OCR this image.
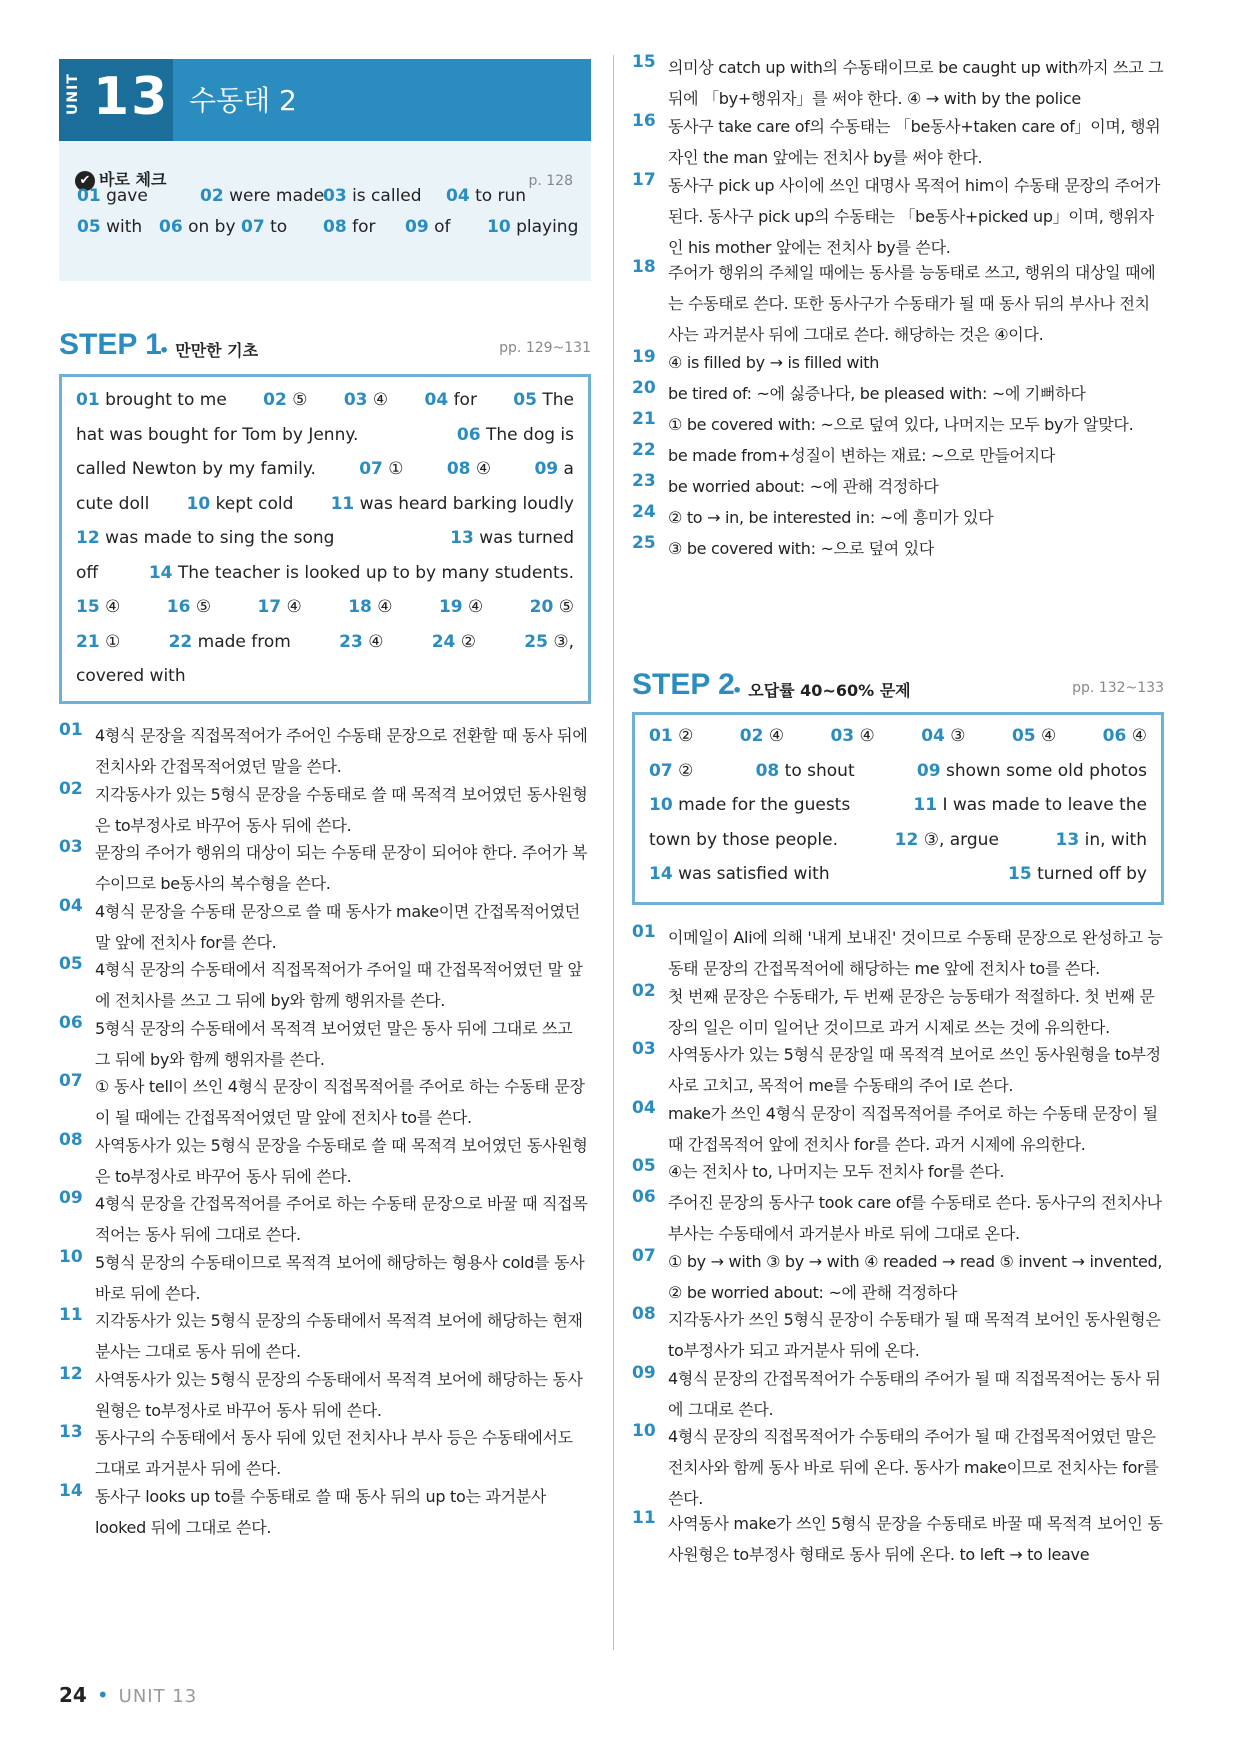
UNIT 13 수동태 2
✔ 바로 체크	p. 128
01 gave	02 were made
03 is called 04 to run
05 with 06 on by 07 to 08 for 09 of 10 playing
STEP 1
• 만만한 기초	pp. 129~131
01 brought to me 02 ⑤ 03 ④ 04 for 05 The
hat was bought for Tom by Jenny.	06 The dog is
called Newton by my family.	07 ①	08 ④	09 a
cute doll 10 kept cold 11 was heard barking loudly
12 was made to sing the song	13 was turned
off	14 The teacher is looked up to by many students.
15 ④	16 ⑤	17 ④	18 ④	19 ④	20 ⑤
21 ①	22 made from	23 ④	24 ②	25 ③,
covered with
01 4형식 문장을 직접목적어가 주어인 수동태 문장으로 전환할 때 동사 뒤에 전치사와 간접목적어였던 말을 쓴다.
02 지각동사가 있는 5형식 문장을 수동태로 쓸 때 목적격 보어였던 동사원형은 to부정사로 바꾸어 동사 뒤에 쓴다.
03 문장의 주어가 행위의 대상이 되는 수동태 문장이 되어야 한다. 주어가 복수이므로 be동사의 복수형을 쓴다.
04 4형식 문장을 수동태 문장으로 쓸 때 동사가 make이면 간접목적어였던 말 앞에 전치사 for를 쓴다.
05 4형식 문장의 수동태에서 직접목적어가 주어일 때 간접목적어였던 말 앞에 전치사를 쓰고 그 뒤에 by와 함께 행위자를 쓴다.
06 5형식 문장의 수동태에서 목적격 보어였던 말은 동사 뒤에 그대로 쓰고 그 뒤에 by와 함께 행위자를 쓴다.
07 ① 동사 tell이 쓰인 4형식 문장이 직접목적어를 주어로 하는 수동태 문장이 될 때에는 간접목적어였던 말 앞에 전치사 to를 쓴다.
08 사역동사가 있는 5형식 문장을 수동태로 쓸 때 목적격 보어였던 동사원형은 to부정사로 바꾸어 동사 뒤에 쓴다.
09 4형식 문장을 간접목적어를 주어로 하는 수동태 문장으로 바꿀 때 직접목적어는 동사 뒤에 그대로 쓴다.
10 5형식 문장의 수동태이므로 목적격 보어에 해당하는 형용사 cold를 동사 바로 뒤에 쓴다.
11 지각동사가 있는 5형식 문장의 수동태에서 목적격 보어에 해당하는 현재분사는 그대로 동사 뒤에 쓴다.
12 사역동사가 있는 5형식 문장의 수동태에서 목적격 보어에 해당하는 동사원형은 to부정사로 바꾸어 동사 뒤에 쓴다.
13 동사구의 수동태에서 동사 뒤에 있던 전치사나 부사 등은 수동태에서도 그대로 과거분사 뒤에 쓴다.
14 동사구 looks up to를 수동태로 쓸 때 동사 뒤의 up to는 과거분사 looked 뒤에 그대로 쓴다.
15 의미상 catch up with의 수동태이므로 be caught up with까지 쓰고 그 뒤에 「by+행위자」를 써야 한다. ④ → with by the police
16 동사구 take care of의 수동태는 「be동사+taken care of」이며, 행위자인 the man 앞에는 전치사 by를 써야 한다.
17 동사구 pick up 사이에 쓰인 대명사 목적어 him이 수동태 문장의 주어가 된다. 동사구 pick up의 수동태는 「be동사+picked up」이며, 행위자인 his mother 앞에는 전치사 by를 쓴다.
18 주어가 행위의 주체일 때에는 동사를 능동태로 쓰고, 행위의 대상일 때에는 수동태로 쓴다. 또한 동사구가 수동태가 될 때 동사 뒤의 부사나 전치사는 과거분사 뒤에 그대로 쓴다. 해당하는 것은 ④이다.
19 ④ is filled by → is filled with
20 be tired of: ~에 싫증나다, be pleased with: ~에 기뻐하다
21 ① be covered with: ~으로 덮여 있다, 나머지는 모두 by가 알맞다.
22 be made from+성질이 변하는 재료: ~으로 만들어지다
23 be worried about: ~에 관해 걱정하다
24 ② to → in, be interested in: ~에 흥미가 있다
25 ③ be covered with: ~으로 덮여 있다
STEP 2
• 오답률 40~60% 문제	pp. 132~133
01 ②	02 ④	03 ④	04 ③	05 ④	06 ④
07 ②	08 to shout	09 shown some old photos
10 made for the guests	11 I was made to leave the
town by those people.	12 ③, argue	13 in, with
14 was satisfied with	15 turned off by
01 이메일이 Ali에 의해 '내게 보내진' 것이므로 수동태 문장으로 완성하고 능동태 문장의 간접목적어에 해당하는 me 앞에 전치사 to를 쓴다.
02 첫 번째 문장은 수동태가, 두 번째 문장은 능동태가 적절하다. 첫 번째 문장의 일은 이미 일어난 것이므로 과거 시제로 쓰는 것에 유의한다.
03 사역동사가 있는 5형식 문장일 때 목적격 보어로 쓰인 동사원형을 to부정사로 고치고, 목적어 me를 수동태의 주어 I로 쓴다.
04 make가 쓰인 4형식 문장이 직접목적어를 주어로 하는 수동태 문장이 될 때 간접목적어 앞에 전치사 for를 쓴다. 과거 시제에 유의한다.
05 ④는 전치사 to, 나머지는 모두 전치사 for를 쓴다.
06 주어진 문장의 동사구 took care of를 수동태로 쓴다. 동사구의 전치사나 부사는 수동태에서 과거분사 바로 뒤에 그대로 온다.
07 ① by → with ③ by → with ④ readed → read ⑤ invent → invented, ② be worried about: ~에 관해 걱정하다
08 지각동사가 쓰인 5형식 문장이 수동태가 될 때 목적격 보어인 동사원형은 to부정사가 되고 과거분사 뒤에 온다.
09 4형식 문장의 간접목적어가 수동태의 주어가 될 때 직접목적어는 동사 뒤에 그대로 쓴다.
10 4형식 문장의 직접목적어가 수동태의 주어가 될 때 간접목적어였던 말은 전치사와 함께 동사 바로 뒤에 온다. 동사가 make이므로 전치사는 for를 쓴다.
11 사역동사 make가 쓰인 5형식 문장을 수동태로 바꿀 때 목적격 보어인 동사원형은 to부정사 형태로 동사 뒤에 온다. to left → to leave
24 • UNIT 13
